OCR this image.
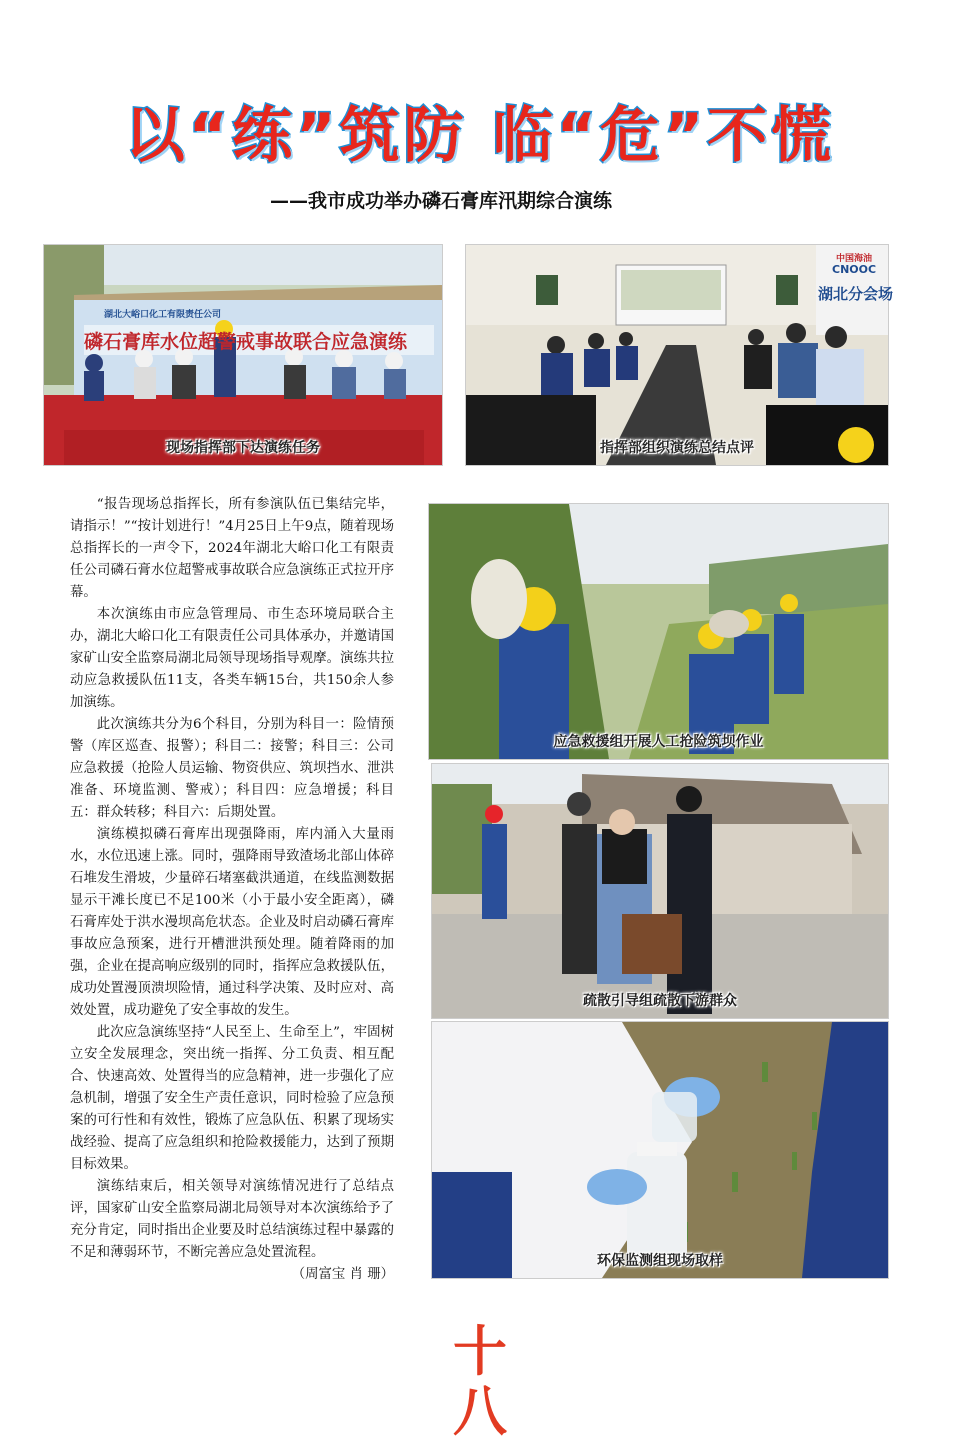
以“练”筑防 临“危”不慌
——我市成功举办磷石膏库汛期综合演练
湖北大峪口化工有限责任公司
磷石膏库水位超警戒事故联合应急演练
现场指挥部下达演练任务
中国海油
CNOOC
湖北分会场
指挥部组织演练总结点评

“报告现场总指挥长，所有参演队伍已集结完毕，请指示！”“按计划进行！”4月25日上午9点，随着现场总指挥长的一声令下，2024年湖北大峪口化工有限责任公司磷石膏水位超警戒事故联合应急演练正式拉开序幕。

本次演练由市应急管理局、市生态环境局联合主办，湖北大峪口化工有限责任公司具体承办，并邀请国家矿山安全监察局湖北局领导现场指导观摩。演练共拉动应急救援队伍11支，各类车辆15台，共150余人参加演练。

此次演练共分为6个科目，分别为科目一：险情预警（库区巡查、报警）；科目二：接警；科目三：公司应急救援（抢险人员运输、物资供应、筑坝挡水、泄洪准备、环境监测、警戒）；科目四：应急增援；科目五：群众转移；科目六：后期处置。

演练模拟磷石膏库出现强降雨，库内涌入大量雨水，水位迅速上涨。同时，强降雨导致渣场北部山体碎石堆发生滑坡，少量碎石堵塞截洪通道，在线监测数据显示干滩长度已不足100米（小于最小安全距离），磷石膏库处于洪水漫坝高危状态。企业及时启动磷石膏库事故应急预案，进行开槽泄洪预处理。随着降雨的加强，企业在提高响应级别的同时，指挥应急救援队伍，成功处置漫顶溃坝险情，通过科学决策、及时应对、高效处置，成功避免了安全事故的发生。

此次应急演练坚持“人民至上、生命至上”，牢固树立安全发展理念，突出统一指挥、分工负责、相互配合、快速高效、处置得当的应急精神，进一步强化了应急机制，增强了安全生产责任意识，同时检验了应急预案的可行性和有效性，锻炼了应急队伍、积累了现场实战经验、提高了应急组织和抢险救援能力，达到了预期目标效果。

演练结束后，相关领导对演练情况进行了总结点评，国家矿山安全监察局湖北局领导对本次演练给予了充分肯定，同时指出企业要及时总结演练过程中暴露的不足和薄弱环节，不断完善应急处置流程。
（周富宝 肖 珊）

应急救援组开展人工抢险筑坝作业
疏散引导组疏散下游群众
环保监测组现场取样
十八
